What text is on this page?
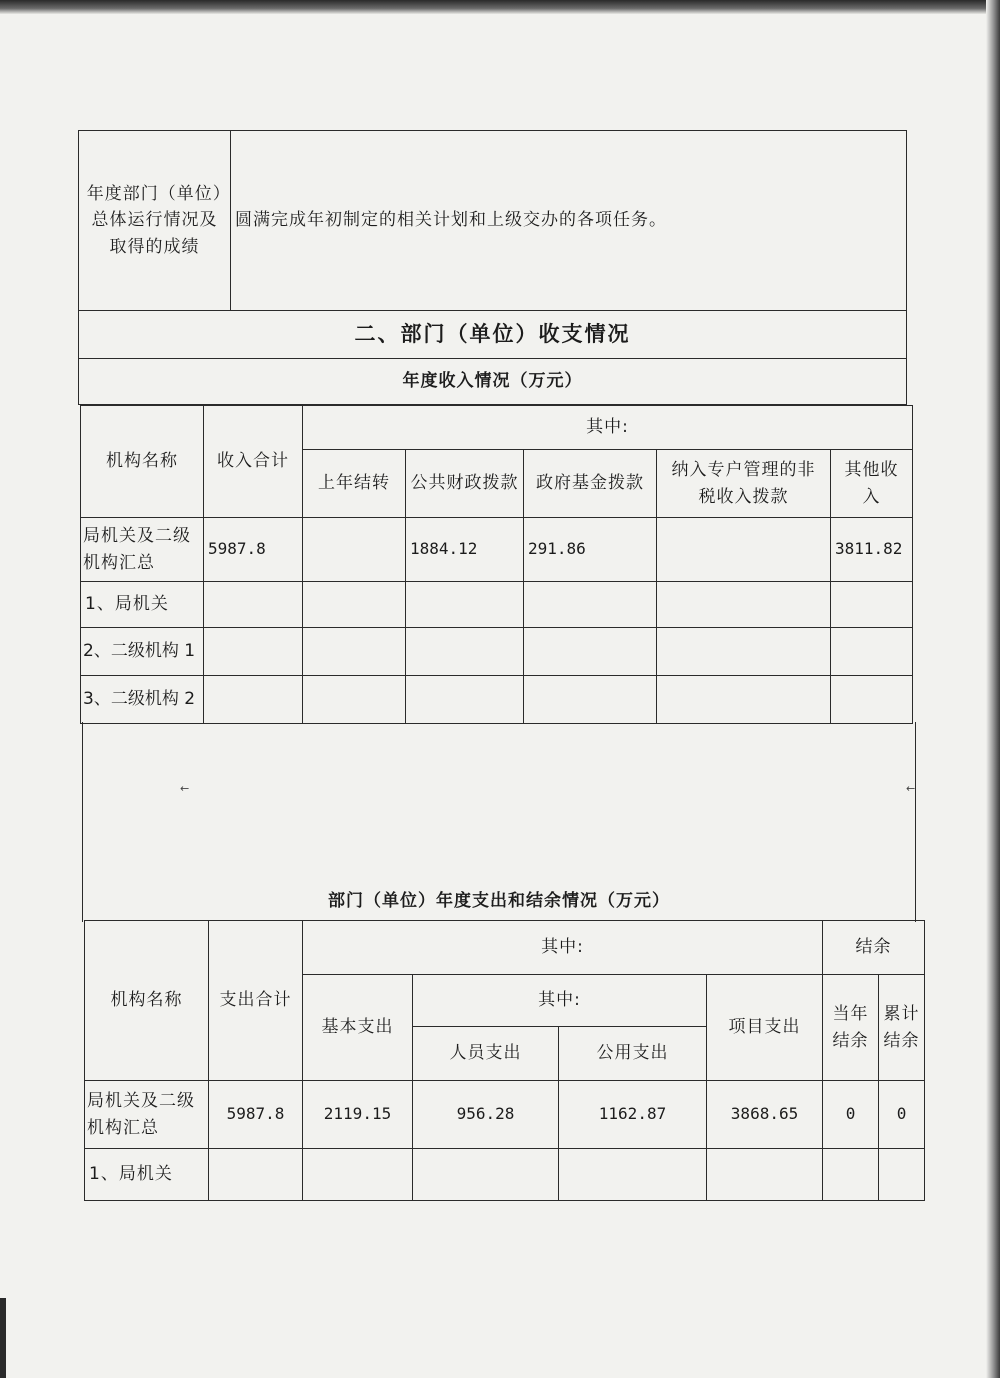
年度部门（单位）总体运行情况及取得的成绩	圆满完成年初制定的相关计划和上级交办的各项任务。
二、部门（单位）收支情况
年度收入情况（万元）
机构名称	收入合计	其中:				
		上年结转	公共财政拨款	政府基金拨款	纳入专户管理的非税收入拨款	其他收入
局机关及二级机构汇总	5987.8		1884.12	291.86		3811.82
1、局机关						
2、二级机构 1						
3、二级机构 2						
部门（单位）年度支出和结余情况（万元）
←	←
机构名称	支出合计	其中:				结余	
		基本支出	其中:		项目支出	当年结余	累计结余
			人员支出	公用支出			
局机关及二级机构汇总	5987.8	2119.15	956.28	1162.87	3868.65	0	0
1、局机关							
